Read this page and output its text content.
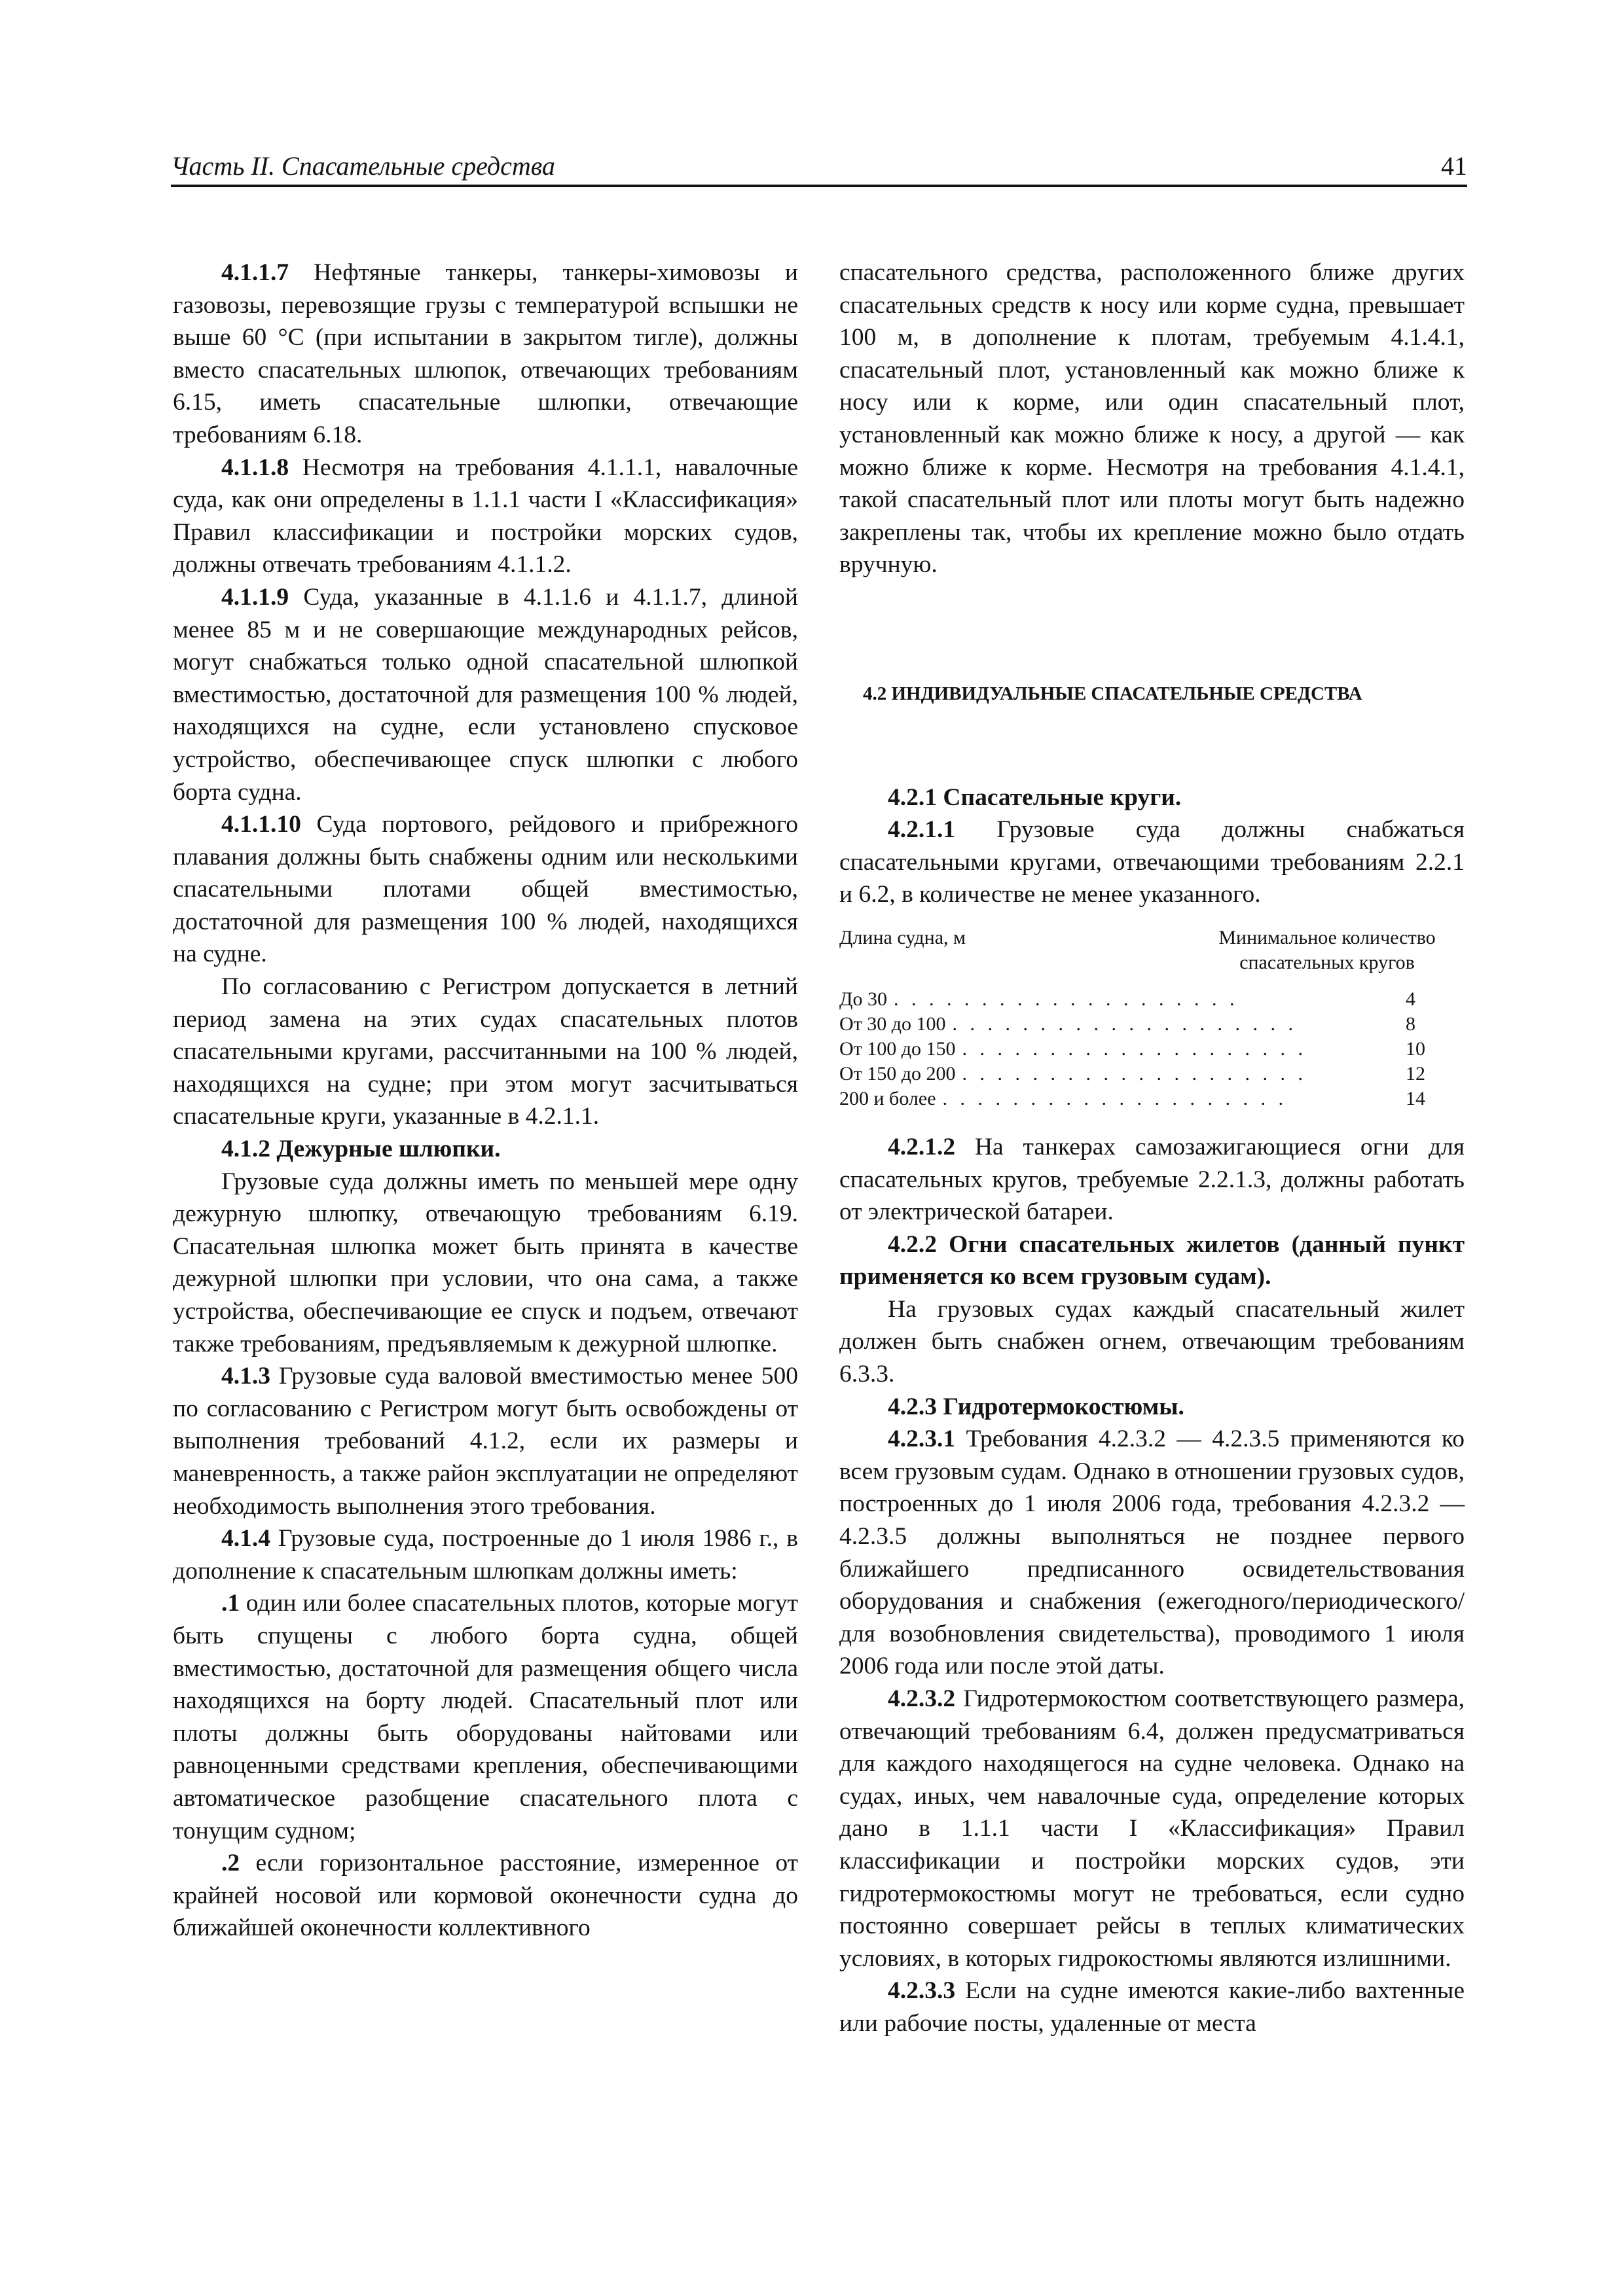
Часть II. Спасательные средства	41

4.1.1.7 Нефтяные танкеры, танкеры-химовозы и газовозы, перевозящие грузы с температурой вспышки не выше 60 °С (при испытании в закрытом тигле), должны вместо спасательных шлюпок, отвечающих требованиям 6.15, иметь спасательные шлюпки, отвечающие требованиям 6.18.

4.1.1.8 Несмотря на требования 4.1.1.1, навалочные суда, как они определены в 1.1.1 части I «Классификация» Правил классификации и постройки морских судов, должны отвечать требованиям 4.1.1.2.

4.1.1.9 Суда, указанные в 4.1.1.6 и 4.1.1.7, длиной менее 85 м и не совершающие международных рейсов, могут снабжаться только одной спасательной шлюпкой вместимостью, достаточной для размещения 100 % людей, находящихся на судне, если установлено спусковое устройство, обеспечивающее спуск шлюпки с любого борта судна.

4.1.1.10 Суда портового, рейдового и прибрежного плавания должны быть снабжены одним или несколькими спасательными плотами общей вместимостью, достаточной для размещения 100 % людей, находящихся на судне.

По согласованию с Регистром допускается в летний период замена на этих судах спасательных плотов спасательными кругами, рассчитанными на 100 % людей, находящихся на судне; при этом могут засчитываться спасательные круги, указанные в 4.2.1.1.

4.1.2 Дежурные шлюпки.

Грузовые суда должны иметь по меньшей мере одну дежурную шлюпку, отвечающую требованиям 6.19. Спасательная шлюпка может быть принята в качестве дежурной шлюпки при условии, что она сама, а также устройства, обеспечивающие ее спуск и подъем, отвечают также требованиям, предъявляемым к дежурной шлюпке.

4.1.3 Грузовые суда валовой вместимостью менее 500 по согласованию с Регистром могут быть освобождены от выполнения требований 4.1.2, если их размеры и маневренность, а также район эксплуатации не определяют необходимость выполнения этого требования.

4.1.4 Грузовые суда, построенные до 1 июля 1986 г., в дополнение к спасательным шлюпкам должны иметь:

.1 один или более спасательных плотов, которые могут быть спущены с любого борта судна, общей вместимостью, достаточной для размещения общего числа находящихся на борту людей. Спасательный плот или плоты должны быть оборудованы найтовами или равноценными средствами крепления, обеспечивающими автоматическое разобщение спасательного плота с тонущим судном;

.2 если горизонтальное расстояние, измеренное от крайней носовой или кормовой оконечности судна до ближайшей оконечности коллективного

спасательного средства, расположенного ближе других спасательных средств к носу или корме судна, превышает 100 м, в дополнение к плотам, требуемым 4.1.4.1, спасательный плот, установленный как можно ближе к носу или к корме, или один спасательный плот, установленный как можно ближе к носу, а другой — как можно ближе к корме. Несмотря на требования 4.1.4.1, такой спасательный плот или плоты могут быть надежно закреплены так, чтобы их крепление можно было отдать вручную.

4.2 ИНДИВИДУАЛЬНЫЕ СПАСАТЕЛЬНЫЕ СРЕДСТВА

4.2.1 Спасательные круги.

4.2.1.1 Грузовые суда должны снабжаться спасательными кругами, отвечающими требованиям 2.2.1 и 6.2, в количестве не менее указанного.

Длина судна, м	Минимальное количество
спасательных кругов
До 30 . . . . . . . . . . . . . . . . . . . .	4
От 30 до 100 . . . . . . . . . . . . . . . . . . . .	8
От 100 до 150 . . . . . . . . . . . . . . . . . . . .	10
От 150 до 200 . . . . . . . . . . . . . . . . . . . .	12
200 и более . . . . . . . . . . . . . . . . . . . .	14

4.2.1.2 На танкерах самозажигающиеся огни для спасательных кругов, требуемые 2.2.1.3, должны работать от электрической батареи.

4.2.2 Огни спасательных жилетов (данный пункт применяется ко всем грузовым судам).

На грузовых судах каждый спасательный жилет должен быть снабжен огнем, отвечающим требованиям 6.3.3.

4.2.3 Гидротермокостюмы.

4.2.3.1 Требования 4.2.3.2 — 4.2.3.5 применяются ко всем грузовым судам. Однако в отношении грузовых судов, построенных до 1 июля 2006 года, требования 4.2.3.2 — 4.2.3.5 должны выполняться не позднее первого ближайшего предписанного освидетельствования оборудования и снабжения (ежегодного/периодического/для возобновления свидетельства), проводимого 1 июля 2006 года или после этой даты.

4.2.3.2 Гидротермокостюм соответствующего размера, отвечающий требованиям 6.4, должен предусматриваться для каждого находящегося на судне человека. Однако на судах, иных, чем навалочные суда, определение которых дано в 1.1.1 части I «Классификация» Правил классификации и постройки морских судов, эти гидротермокостюмы могут не требоваться, если судно постоянно совершает рейсы в теплых климатических условиях, в которых гидрокостюмы являются излишними.

4.2.3.3 Если на судне имеются какие-либо вахтенные или рабочие посты, удаленные от места
